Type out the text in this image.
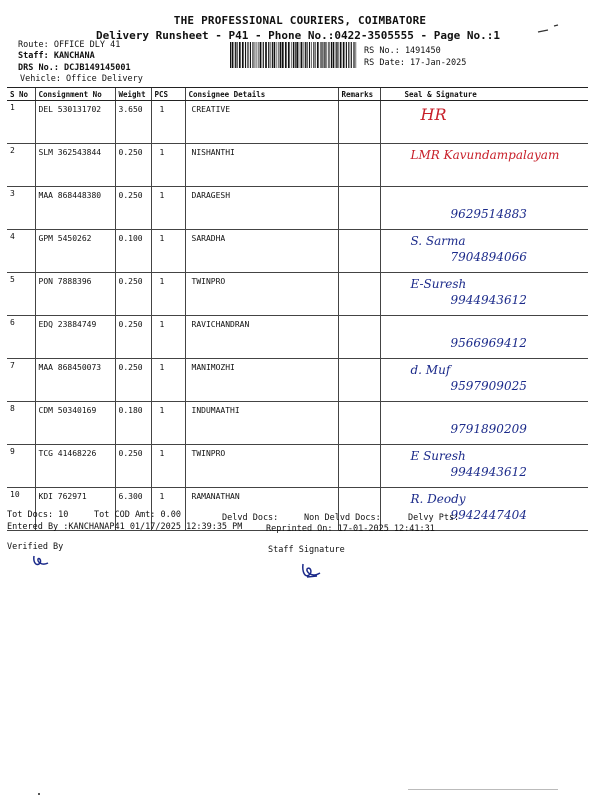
THE PROFESSIONAL COURIERS, COIMBATORE
Delivery Runsheet - P41 - Phone No.:0422-3505555 - Page No.:1
Route: OFFICE DLY 41
Staff: KANCHANA
DRS No.: DCJB149145001
Vehicle: Office Delivery
RS No.: 1491450
RS Date: 17-Jan-2025
S No	Consignment No	Weight	PCS	Consignee Details	Remarks	Seal & Signature
1	DEL 530131702	3.650	1	CREATIVE		HR

2	SLM 362543844	0.250	1	NISHANTHI		LMR Kavundampalayam

3	MAA 868448380	0.250	1	DARAGESH		9629514883

4	GPM 5450262	0.100	1	SARADHA		S. Sarma
7904894066

5	PON 7888396	0.250	1	TWINPRO		E-Suresh
9944943612

6	EDQ 23884749	0.250	1	RAVICHANDRAN		9566969412

7	MAA 868450073	0.250	1	MANIMOZHI		d. Muf
9597909025

8	CDM 50340169	0.180	1	INDUMAATHI		9791890209

9	TCG 41468226	0.250	1	TWINPRO		E Suresh
9944943612

10	KDI 762971	6.300	1	RAMANATHAN		R. Deody
9942447404
Tot Docs: 10	Tot COD Amt: 0.00	Delvd Docs:	Non Delvd Docs:	Delvy Pts:
Entered By :KANCHANAP41 01/17/2025 12:39:35 PM	Reprinted On: 17-01-2025 12:41:31
Verified By	Staff Signature
